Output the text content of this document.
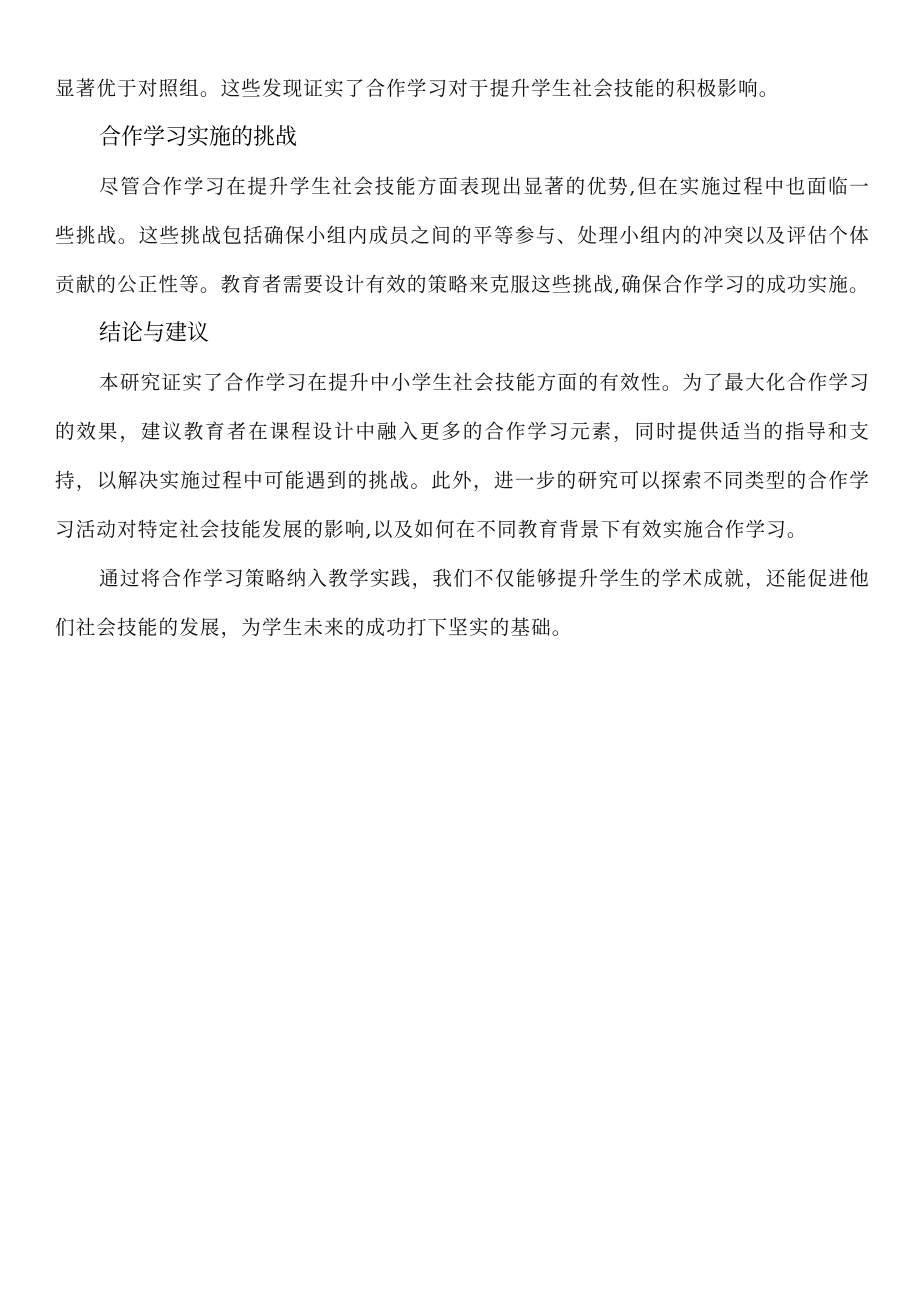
显著优于对照组。这些发现证实了合作学习对于提升学生社会技能的积极影响。

合作学习实施的挑战

尽管合作学习在提升学生社会技能方面表现出显著的优势,但在实施过程中也面临一些挑战。这些挑战包括确保小组内成员之间的平等参与、处理小组内的冲突以及评估个体贡献的公正性等。教育者需要设计有效的策略来克服这些挑战,确保合作学习的成功实施。

结论与建议

本研究证实了合作学习在提升中小学生社会技能方面的有效性。为了最大化合作学习的效果，建议教育者在课程设计中融入更多的合作学习元素，同时提供适当的指导和支持，以解决实施过程中可能遇到的挑战。此外，进一步的研究可以探索不同类型的合作学习活动对特定社会技能发展的影响,以及如何在不同教育背景下有效实施合作学习。

通过将合作学习策略纳入教学实践，我们不仅能够提升学生的学术成就，还能促进他们社会技能的发展，为学生未来的成功打下坚实的基础。
